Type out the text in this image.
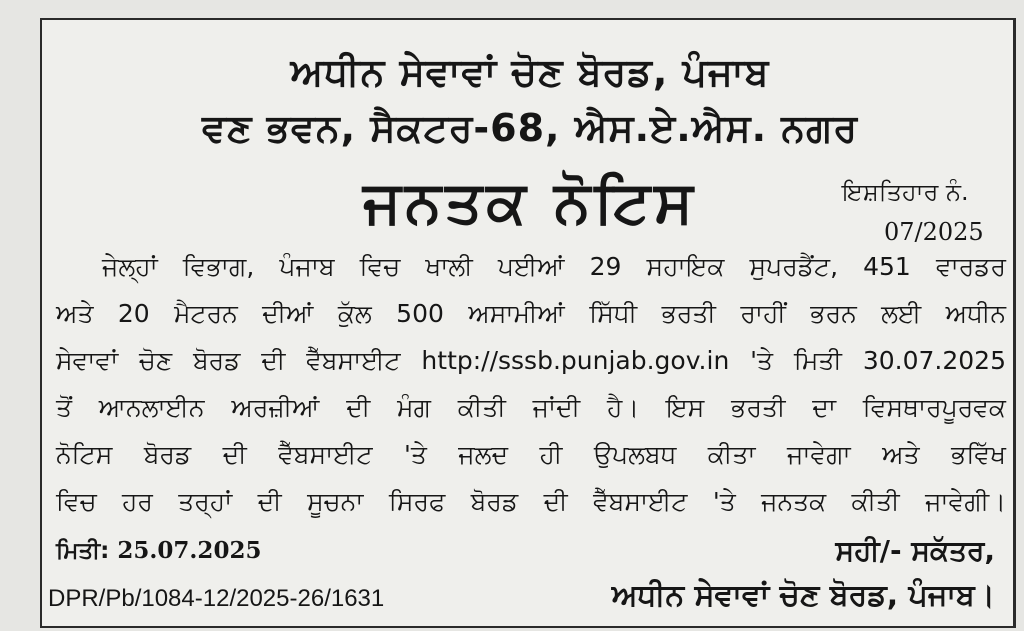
ਅਧੀਨ ਸੇਵਾਵਾਂ ਚੋਣ ਬੋਰਡ, ਪੰਜਾਬ
ਵਣ ਭਵਨ, ਸੈਕਟਰ-68, ਐਸ.ਏ.ਐਸ. ਨਗਰ
ਜਨਤਕ ਨੋਟਿਸ	ਇਸ਼ਤਿਹਾਰ ਨੰ.
07/2025
ਜੇਲ੍ਹਾਂ ਵਿਭਾਗ, ਪੰਜਾਬ ਵਿਚ ਖਾਲੀ ਪਈਆਂ 29 ਸਹਾਇਕ ਸੁਪਰਡੈਂਟ, 451 ਵਾਰਡਰ
ਅਤੇ 20 ਮੈਟਰਨ ਦੀਆਂ ਕੁੱਲ 500 ਅਸਾਮੀਆਂ ਸਿੱਧੀ ਭਰਤੀ ਰਾਹੀਂ ਭਰਨ ਲਈ ਅਧੀਨ
ਸੇਵਾਵਾਂ ਚੋਣ ਬੋਰਡ ਦੀ ਵੈੱਬਸਾਈਟ http://sssb.punjab.gov.in 'ਤੇ ਮਿਤੀ 30.07.2025
ਤੋਂ ਆਨਲਾਈਨ ਅਰਜ਼ੀਆਂ ਦੀ ਮੰਗ ਕੀਤੀ ਜਾਂਦੀ ਹੈ। ਇਸ ਭਰਤੀ ਦਾ ਵਿਸਥਾਰਪੂਰਵਕ
ਨੋਟਿਸ ਬੋਰਡ ਦੀ ਵੈੱਬਸਾਈਟ 'ਤੇ ਜਲਦ ਹੀ ਉਪਲਬਧ ਕੀਤਾ ਜਾਵੇਗਾ ਅਤੇ ਭਵਿੱਖ
ਵਿਚ ਹਰ ਤਰ੍ਹਾਂ ਦੀ ਸੂਚਨਾ ਸਿਰਫ ਬੋਰਡ ਦੀ ਵੈੱਬਸਾਈਟ 'ਤੇ ਜਨਤਕ ਕੀਤੀ ਜਾਵੇਗੀ।
ਮਿਤੀ: 25.07.2025	ਸਹੀ/- ਸਕੱਤਰ,
DPR/Pb/1084-12/2025-26/1631	ਅਧੀਨ ਸੇਵਾਵਾਂ ਚੋਣ ਬੋਰਡ, ਪੰਜਾਬ।
